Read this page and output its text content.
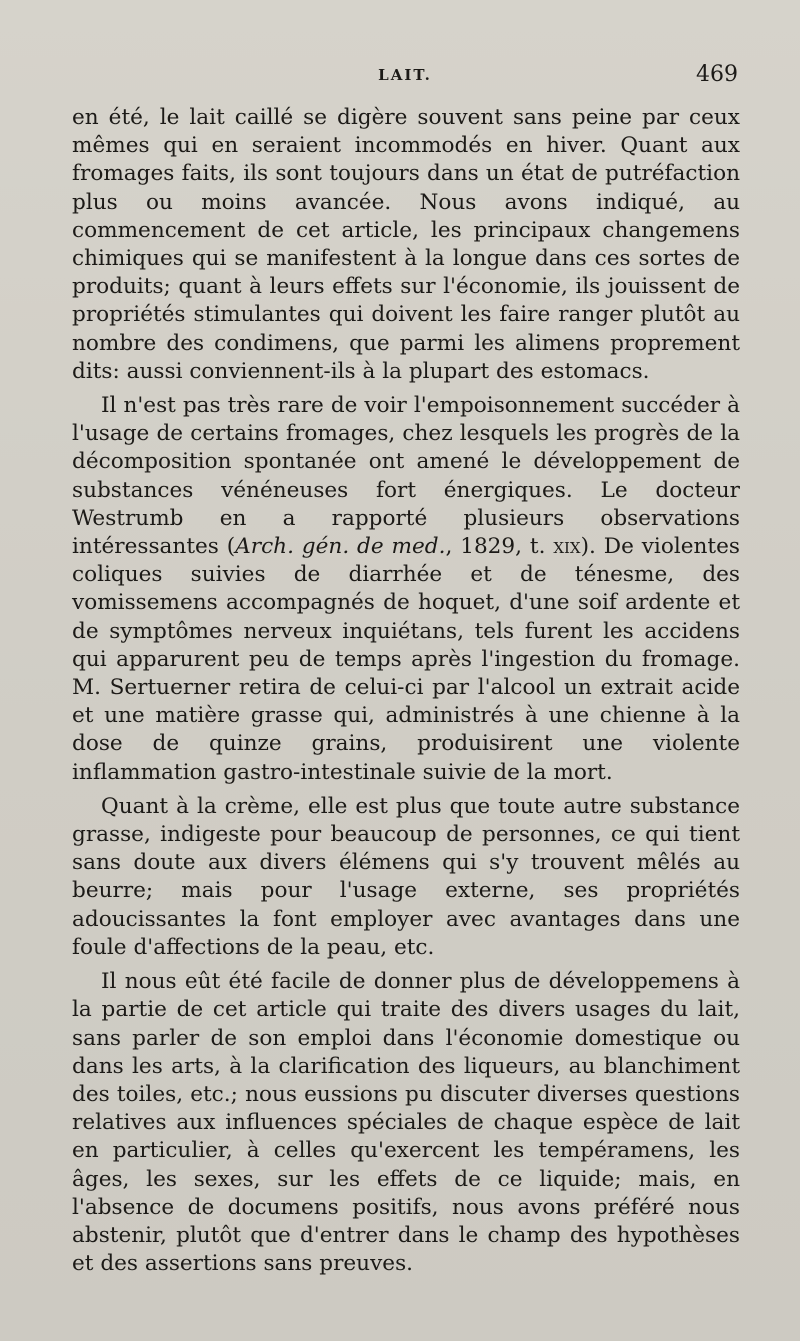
LAIT.	469

en été, le lait caillé se digère souvent sans peine par ceux mêmes qui en seraient incommodés en hiver. Quant aux fromages faits, ils sont toujours dans un état de putréfaction plus ou moins avancée. Nous avons indiqué, au commencement de cet article, les principaux changemens chimiques qui se manifestent à la longue dans ces sortes de produits; quant à leurs effets sur l'économie, ils jouissent de propriétés stimulantes qui doivent les faire ranger plutôt au nombre des condimens, que parmi les alimens proprement dits: aussi conviennent-ils à la plupart des estomacs.

Il n'est pas très rare de voir l'empoisonnement succéder à l'usage de certains fromages, chez lesquels les progrès de la décomposition spontanée ont amené le développement de substances vénéneuses fort énergiques. Le docteur Westrumb en a rapporté plusieurs observations intéressantes (Arch. gén. de med., 1829, t. xix). De violentes coliques suivies de diarrhée et de ténesme, des vomissemens accompagnés de hoquet, d'une soif ardente et de symptômes nerveux inquiétans, tels furent les accidens qui apparurent peu de temps après l'ingestion du fromage. M. Sertuerner retira de celui-ci par l'alcool un extrait acide et une matière grasse qui, administrés à une chienne à la dose de quinze grains, produisirent une violente inflammation gastro-intestinale suivie de la mort.

Quant à la crème, elle est plus que toute autre substance grasse, indigeste pour beaucoup de personnes, ce qui tient sans doute aux divers élémens qui s'y trouvent mêlés au beurre; mais pour l'usage externe, ses propriétés adoucissantes la font employer avec avantages dans une foule d'affections de la peau, etc.

Il nous eût été facile de donner plus de développemens à la partie de cet article qui traite des divers usages du lait, sans parler de son emploi dans l'économie domestique ou dans les arts, à la clarification des liqueurs, au blanchiment des toiles, etc.; nous eussions pu discuter diverses questions relatives aux influences spéciales de chaque espèce de lait en particulier, à celles qu'exercent les tempéramens, les âges, les sexes, sur les effets de ce liquide; mais, en l'absence de documens positifs, nous avons préféré nous abstenir, plutôt que d'entrer dans le champ des hypothèses et des assertions sans preuves.
